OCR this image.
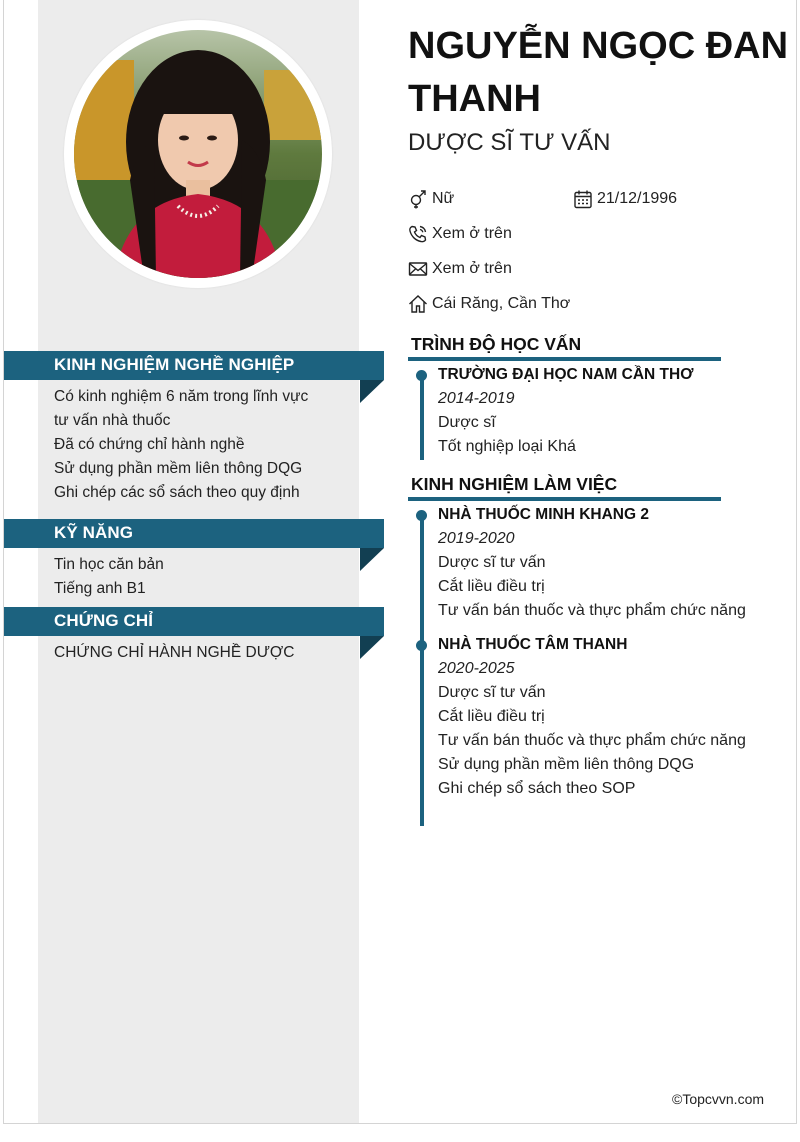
KINH NGHIỆM NGHỀ NGHIỆP
Có kinh nghiệm 6 năm trong lĩnh vực
tư vấn nhà thuốc
Đã có chứng chỉ hành nghề
Sử dụng phần mềm liên thông DQG
Ghi chép các sổ sách theo quy định
KỸ NĂNG
Tin học căn bản
Tiếng anh B1
CHỨNG CHỈ
CHỨNG CHỈ HÀNH NGHỀ DƯỢC
NGUYỄN NGỌC ĐAN THANH
DƯỢC SĨ TƯ VẤN
Nữ	21/12/1996
Xem ở trên
Xem ở trên
Cái Răng, Cần Thơ
TRÌNH ĐỘ HỌC VẤN
TRƯỜNG ĐẠI HỌC NAM CẦN THƠ
2014-2019
Dược sĩ
Tốt nghiệp loại Khá
KINH NGHIỆM LÀM VIỆC
NHÀ THUỐC MINH KHANG 2
2019-2020
Dược sĩ tư vấn
Cắt liều điều trị
Tư vấn bán thuốc và thực phẩm chức năng
NHÀ THUỐC TÂM THANH
2020-2025
Dược sĩ tư vấn
Cắt liều điều trị
Tư vấn bán thuốc và thực phẩm chức năng
Sử dụng phần mềm liên thông DQG
Ghi chép sổ sách theo SOP
©Topcvvn.com
